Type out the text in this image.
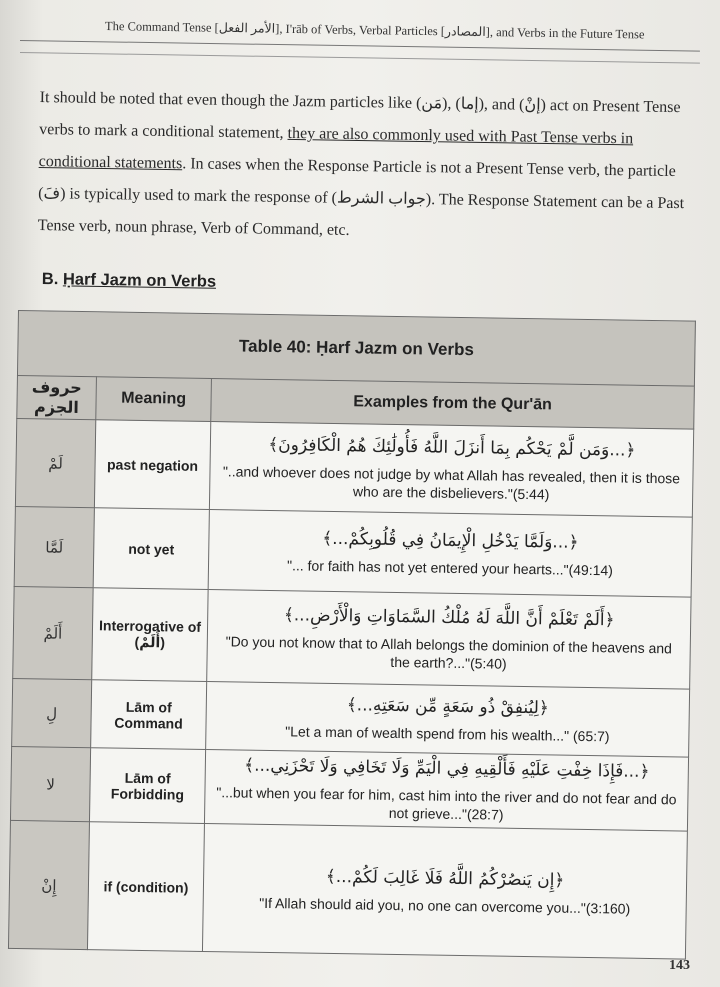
The Command Tense [الأمر الفعل], I'rāb of Verbs, Verbal Particles [المصادر], and Verbs in the Future Tense
It should be noted that even though the Jazm particles like (مَن), (إما), and (إنْ) act on Present Tense verbs to mark a conditional statement, they are also commonly used with Past Tense verbs in conditional statements. In cases when the Response Particle is not a Present Tense verb, the particle (فَ) is typically used to mark the response of (جواب الشرط). The Response Statement can be a Past Tense verb, noun phrase, Verb of Command, etc.
B. Ḥarf Jazm on Verbs
Table 40: Ḥarf Jazm on Verbs		
حروف الجزم	Meaning	Examples from the Qur'ān
لَمْ	past negation	﴿...وَمَن لَّمْ يَحْكُم بِمَا أَنزَلَ اللَّهُ فَأُولَٰئِكَ هُمُ الْكَافِرُونَ﴾
"..and whoever does not judge by what Allah has revealed, then it is those who are the disbelievers."(5:44)

لَمَّا	not yet	﴿...وَلَمَّا يَدْخُلِ الْإِيمَانُ فِي قُلُوبِكُمْ...﴾
"... for faith has not yet entered your hearts..."(49:14)

أَلَمْ	Interrogative of (أَلَمْ)	﴿أَلَمْ تَعْلَمْ أَنَّ اللَّهَ لَهُ مُلْكُ السَّمَاوَاتِ وَالْأَرْضِ...﴾
"Do you not know that to Allah belongs the dominion of the heavens and the earth?..."(5:40)

لِ	Lām of Command	﴿لِيُنفِقْ ذُو سَعَةٍ مِّن سَعَتِهِ...﴾
"Let a man of wealth spend from his wealth..." (65:7)

لا	Lām of Forbidding	﴿...فَإِذَا خِفْتِ عَلَيْهِ فَأَلْقِيهِ فِي الْيَمِّ وَلَا تَخَافِي وَلَا تَحْزَنِي...﴾
"...but when you fear for him, cast him into the river and do not fear and do not grieve..."(28:7)

إِنْ	if (condition)	﴿إِن يَنصُرْكُمُ اللَّهُ فَلَا غَالِبَ لَكُمْ...﴾
"If Allah should aid you, no one can overcome you..."(3:160)
143
